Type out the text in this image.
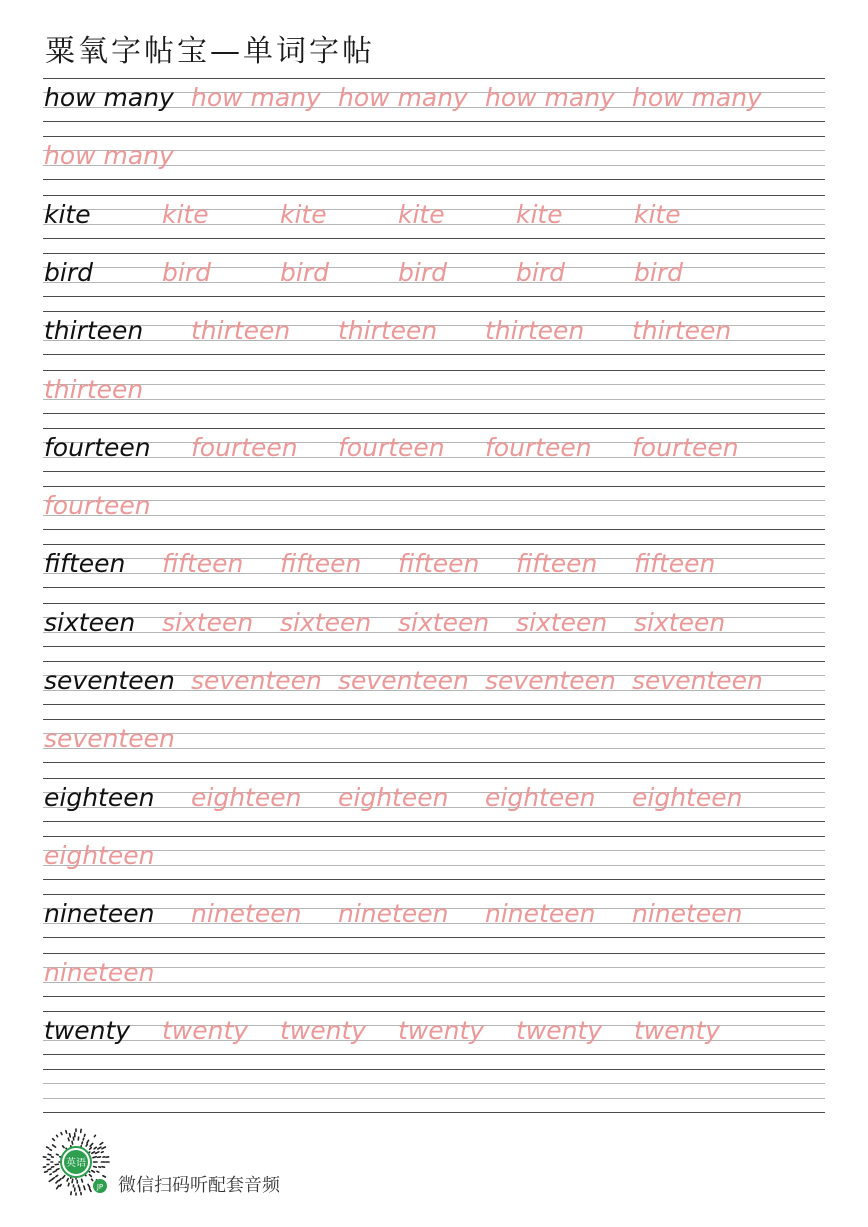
粟氧字帖宝—单词字帖
how many how many how many how many how many
how many
kite	kite	kite	kite	kite	kite
bird	bird	bird	bird	bird	bird
thirteen thirteen thirteen thirteen thirteen
thirteen
fourteen fourteen fourteen fourteen fourteen
fourteen
fifteen fifteen fifteen fifteen fifteen fifteen
sixteen sixteen sixteen sixteen sixteen sixteen
seventeen seventeen seventeen seventeen seventeen
seventeen
eighteen eighteen eighteen eighteen eighteen
eighteen
nineteen nineteen nineteen nineteen nineteen
nineteen
twenty twenty twenty twenty twenty twenty
英语
JP 微信扫码听配套音频
